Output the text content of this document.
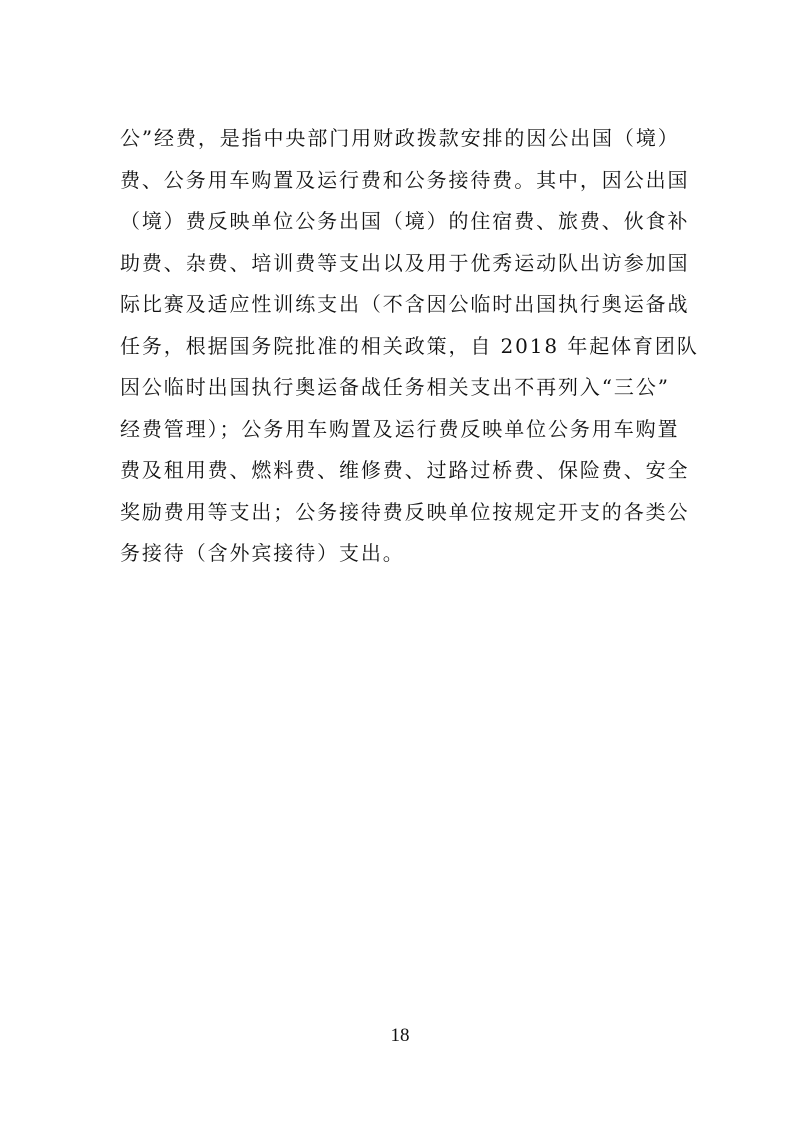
公”经费，是指中央部门用财政拨款安排的因公出国（境）
费、公务用车购置及运行费和公务接待费。其中，因公出国
（境）费反映单位公务出国（境）的住宿费、旅费、伙食补
助费、杂费、培训费等支出以及用于优秀运动队出访参加国
际比赛及适应性训练支出（不含因公临时出国执行奥运备战
任务，根据国务院批准的相关政策，自 2018 年起体育团队
因公临时出国执行奥运备战任务相关支出不再列入“三公”
经费管理）；公务用车购置及运行费反映单位公务用车购置
费及租用费、燃料费、维修费、过路过桥费、保险费、安全
奖励费用等支出；公务接待费反映单位按规定开支的各类公
务接待（含外宾接待）支出。
18
